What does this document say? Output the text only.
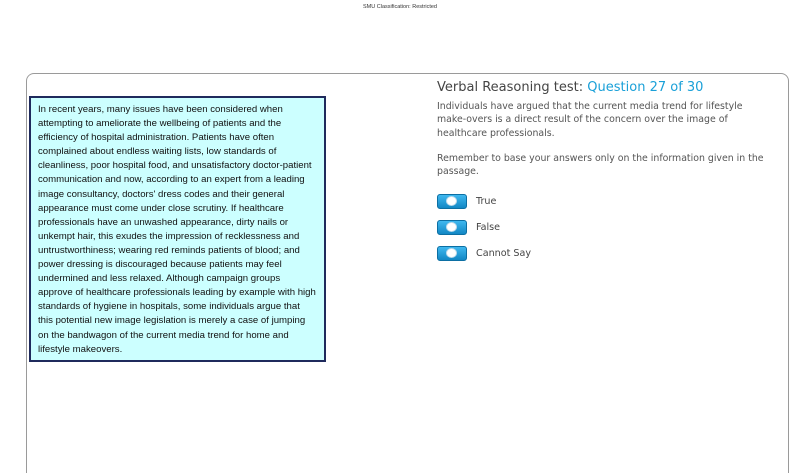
SMU Classification: Restricted
In recent years, many issues have been considered when attempting to ameliorate the wellbeing of patients and the efficiency of hospital administration. Patients have often complained about endless waiting lists, low standards of cleanliness, poor hospital food, and unsatisfactory doctor-patient communication and now, according to an expert from a leading image consultancy, doctors' dress codes and their general appearance must come under close scrutiny. If healthcare professionals have an unwashed appearance, dirty nails or unkempt hair, this exudes the impression of recklessness and untrustworthiness; wearing red reminds patients of blood; and power dressing is discouraged because patients may feel undermined and less relaxed. Although campaign groups approve of healthcare professionals leading by example with high standards of hygiene in hospitals, some individuals argue that this potential new image legislation is merely a case of jumping on the bandwagon of the current media trend for home and lifestyle makeovers.
Verbal Reasoning test: Question 27 of 30
Individuals have argued that the current media trend for lifestyle make-overs is a direct result of the concern over the image of healthcare professionals.
Remember to base your answers only on the information given in the passage.
True
False
Cannot Say
